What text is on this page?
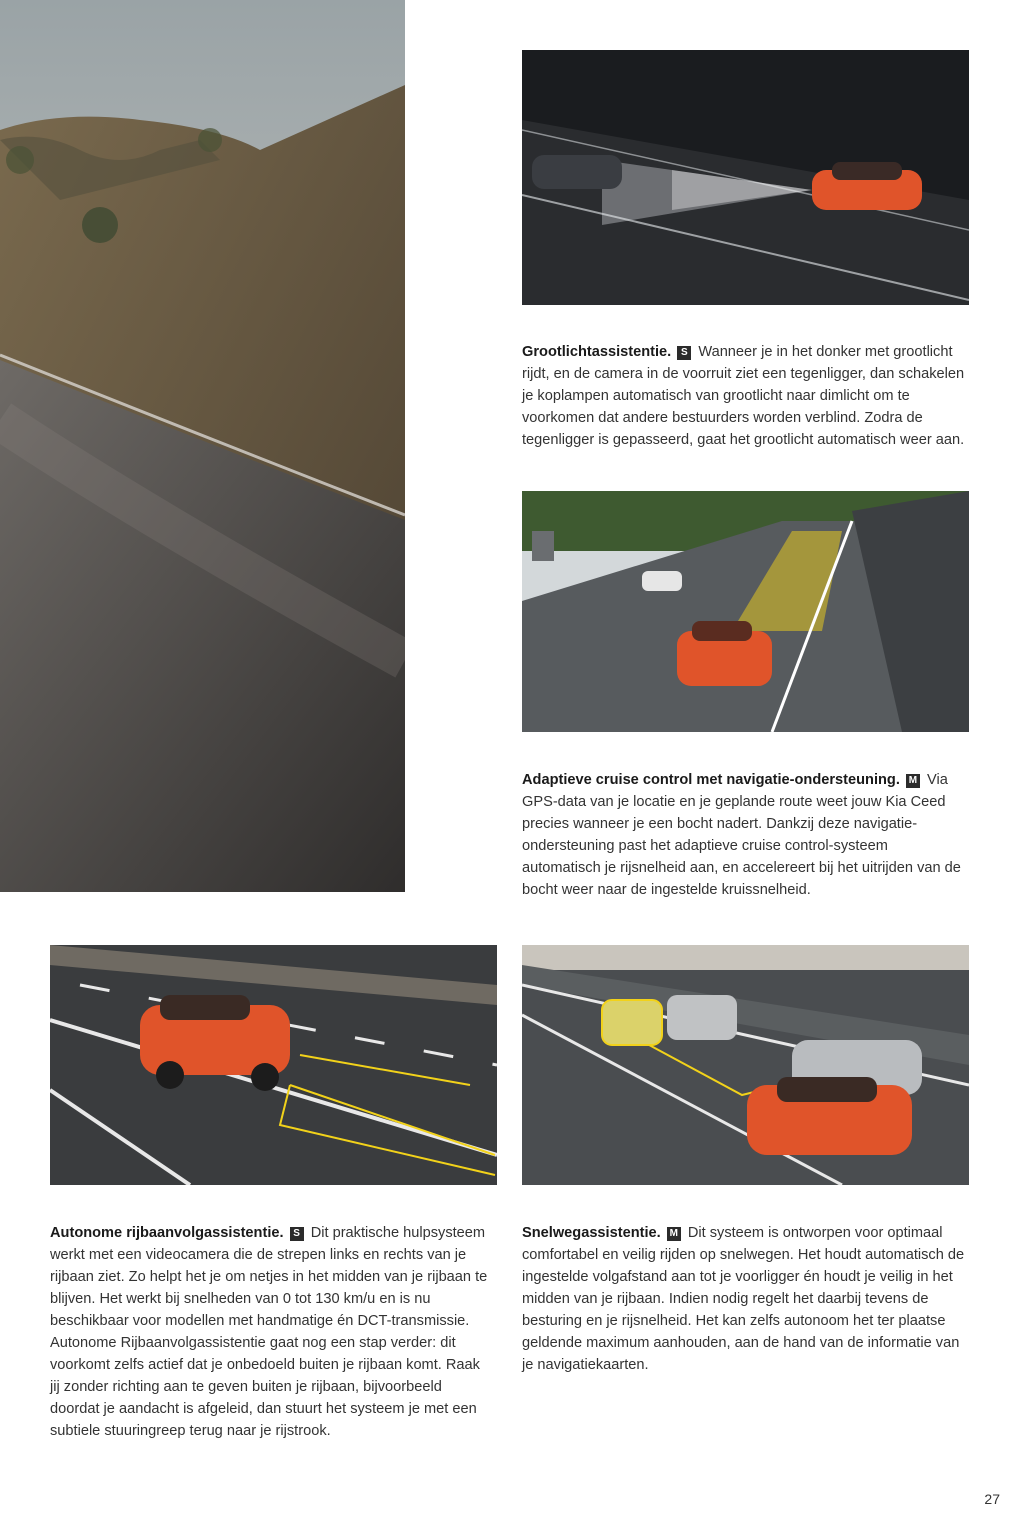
Grootlichtassistentie. S Wanneer je in het donker met grootlicht rijdt, en de camera in de voorruit ziet een tegenligger, dan schakelen je koplampen automatisch van grootlicht naar dimlicht om te voorkomen dat andere bestuurders worden verblind. Zodra de tegenligger is gepasseerd, gaat het grootlicht automatisch weer aan.
Adaptieve cruise control met navigatie-ondersteuning. M Via GPS-data van je locatie en je geplande route weet jouw Kia Ceed precies wanneer je een bocht nadert. Dankzij deze navigatie-ondersteuning past het adaptieve cruise control-systeem automatisch je rijsnelheid aan, en accelereert bij het uitrijden van de bocht weer naar de ingestelde kruissnelheid.
Autonome rijbaanvolgassistentie. S Dit praktische hulpsysteem werkt met een videocamera die de strepen links en rechts van je rijbaan ziet. Zo helpt het je om netjes in het midden van je rijbaan te blijven. Het werkt bij snelheden van 0 tot 130 km/u en is nu beschikbaar voor modellen met handmatige én DCT-transmissie. Autonome Rijbaanvolgassistentie gaat nog een stap verder: dit voorkomt zelfs actief dat je onbedoeld buiten je rijbaan komt. Raak jij zonder richting aan te geven buiten je rijbaan, bijvoorbeeld doordat je aandacht is afgeleid, dan stuurt het systeem je met een subtiele stuuringreep terug naar je rijstrook.
Snelwegassistentie. M Dit systeem is ontworpen voor optimaal comfortabel en veilig rijden op snelwegen. Het houdt automatisch de ingestelde volgafstand aan tot je voorligger én houdt je veilig in het midden van je rijbaan. Indien nodig regelt het daarbij tevens de besturing en je rijsnelheid. Het kan zelfs autonoom het ter plaatse geldende maximum aanhouden, aan de hand van de informatie van je navigatiekaarten.
27
